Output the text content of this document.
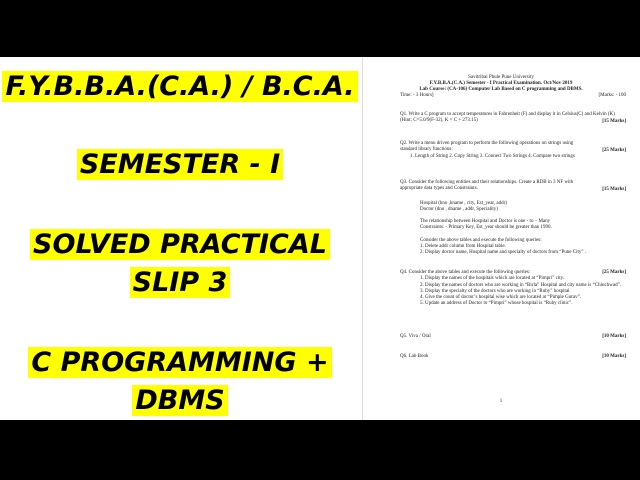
F.Y.B.B.A.(C.A.) / B.C.A.
SEMESTER - I
SOLVED PRACTICAL
SLIP 3
C PROGRAMMING +
DBMS

Savitribai Phule Pune University

F.Y.B.B.A.(C.A.) Semester - I Practical Examination. Oct/Nov 2019

Lab Course: (CA-106) Computer Lab Based on C programming and DBMS.

Time: - 3 Hours]	[Marks: - 100

Q1. Write a C program to accept temperatures in Fahrenheit (F) and display it in Celsius(C) and Kelvin (K) (Hint: C=5.0/9(F-32), K = C + 273.15)	[15 Marks]

Q2. Write a menu driven program to perform the following operations on strings using standard library functions:

1. Length of String 2. Copy String 3. Connect Two Strings 4. Compare two strings

[25 Marks]

Q3. Consider the following entities and their relationships. Create a RDB in 3 NF with appropriate data types and Constraints.

Hospital (hno ,hname , city, Est_year, addr)

Doctor (dno , dname , addr, Speciality)

The relationship between Hospital and Doctor is one - to – Many

Constraints: - Primary Key, Est_year should be greater than 1990.

Consider the above tables and execute the following queries:

1. Delete addr column from Hospital table.

2. Display doctor name, Hospital name and specialty of doctors from “Pune City” .

[15 Marks]

Q4. Consider the above tables and execute the following queries:

1. Display the names of the hospitals which are located at “Pimpri” city.

2. Display the names of doctors who are working in “Birla” Hospital and city name is “Chinchwad”.

3. Display the specialty of the doctors who are working in “Ruby” hospital

4. Give the count of doctor’s hospital wise which are located at “Pimple Gurav”.

5. Update an address of Doctor to “Pimpri” whose hospital is “Ruby clinic”.

[25 Marks]

Q5. Viva / Oral	[10 Marks]

Q6. Lab Book	[10 Marks]

1
